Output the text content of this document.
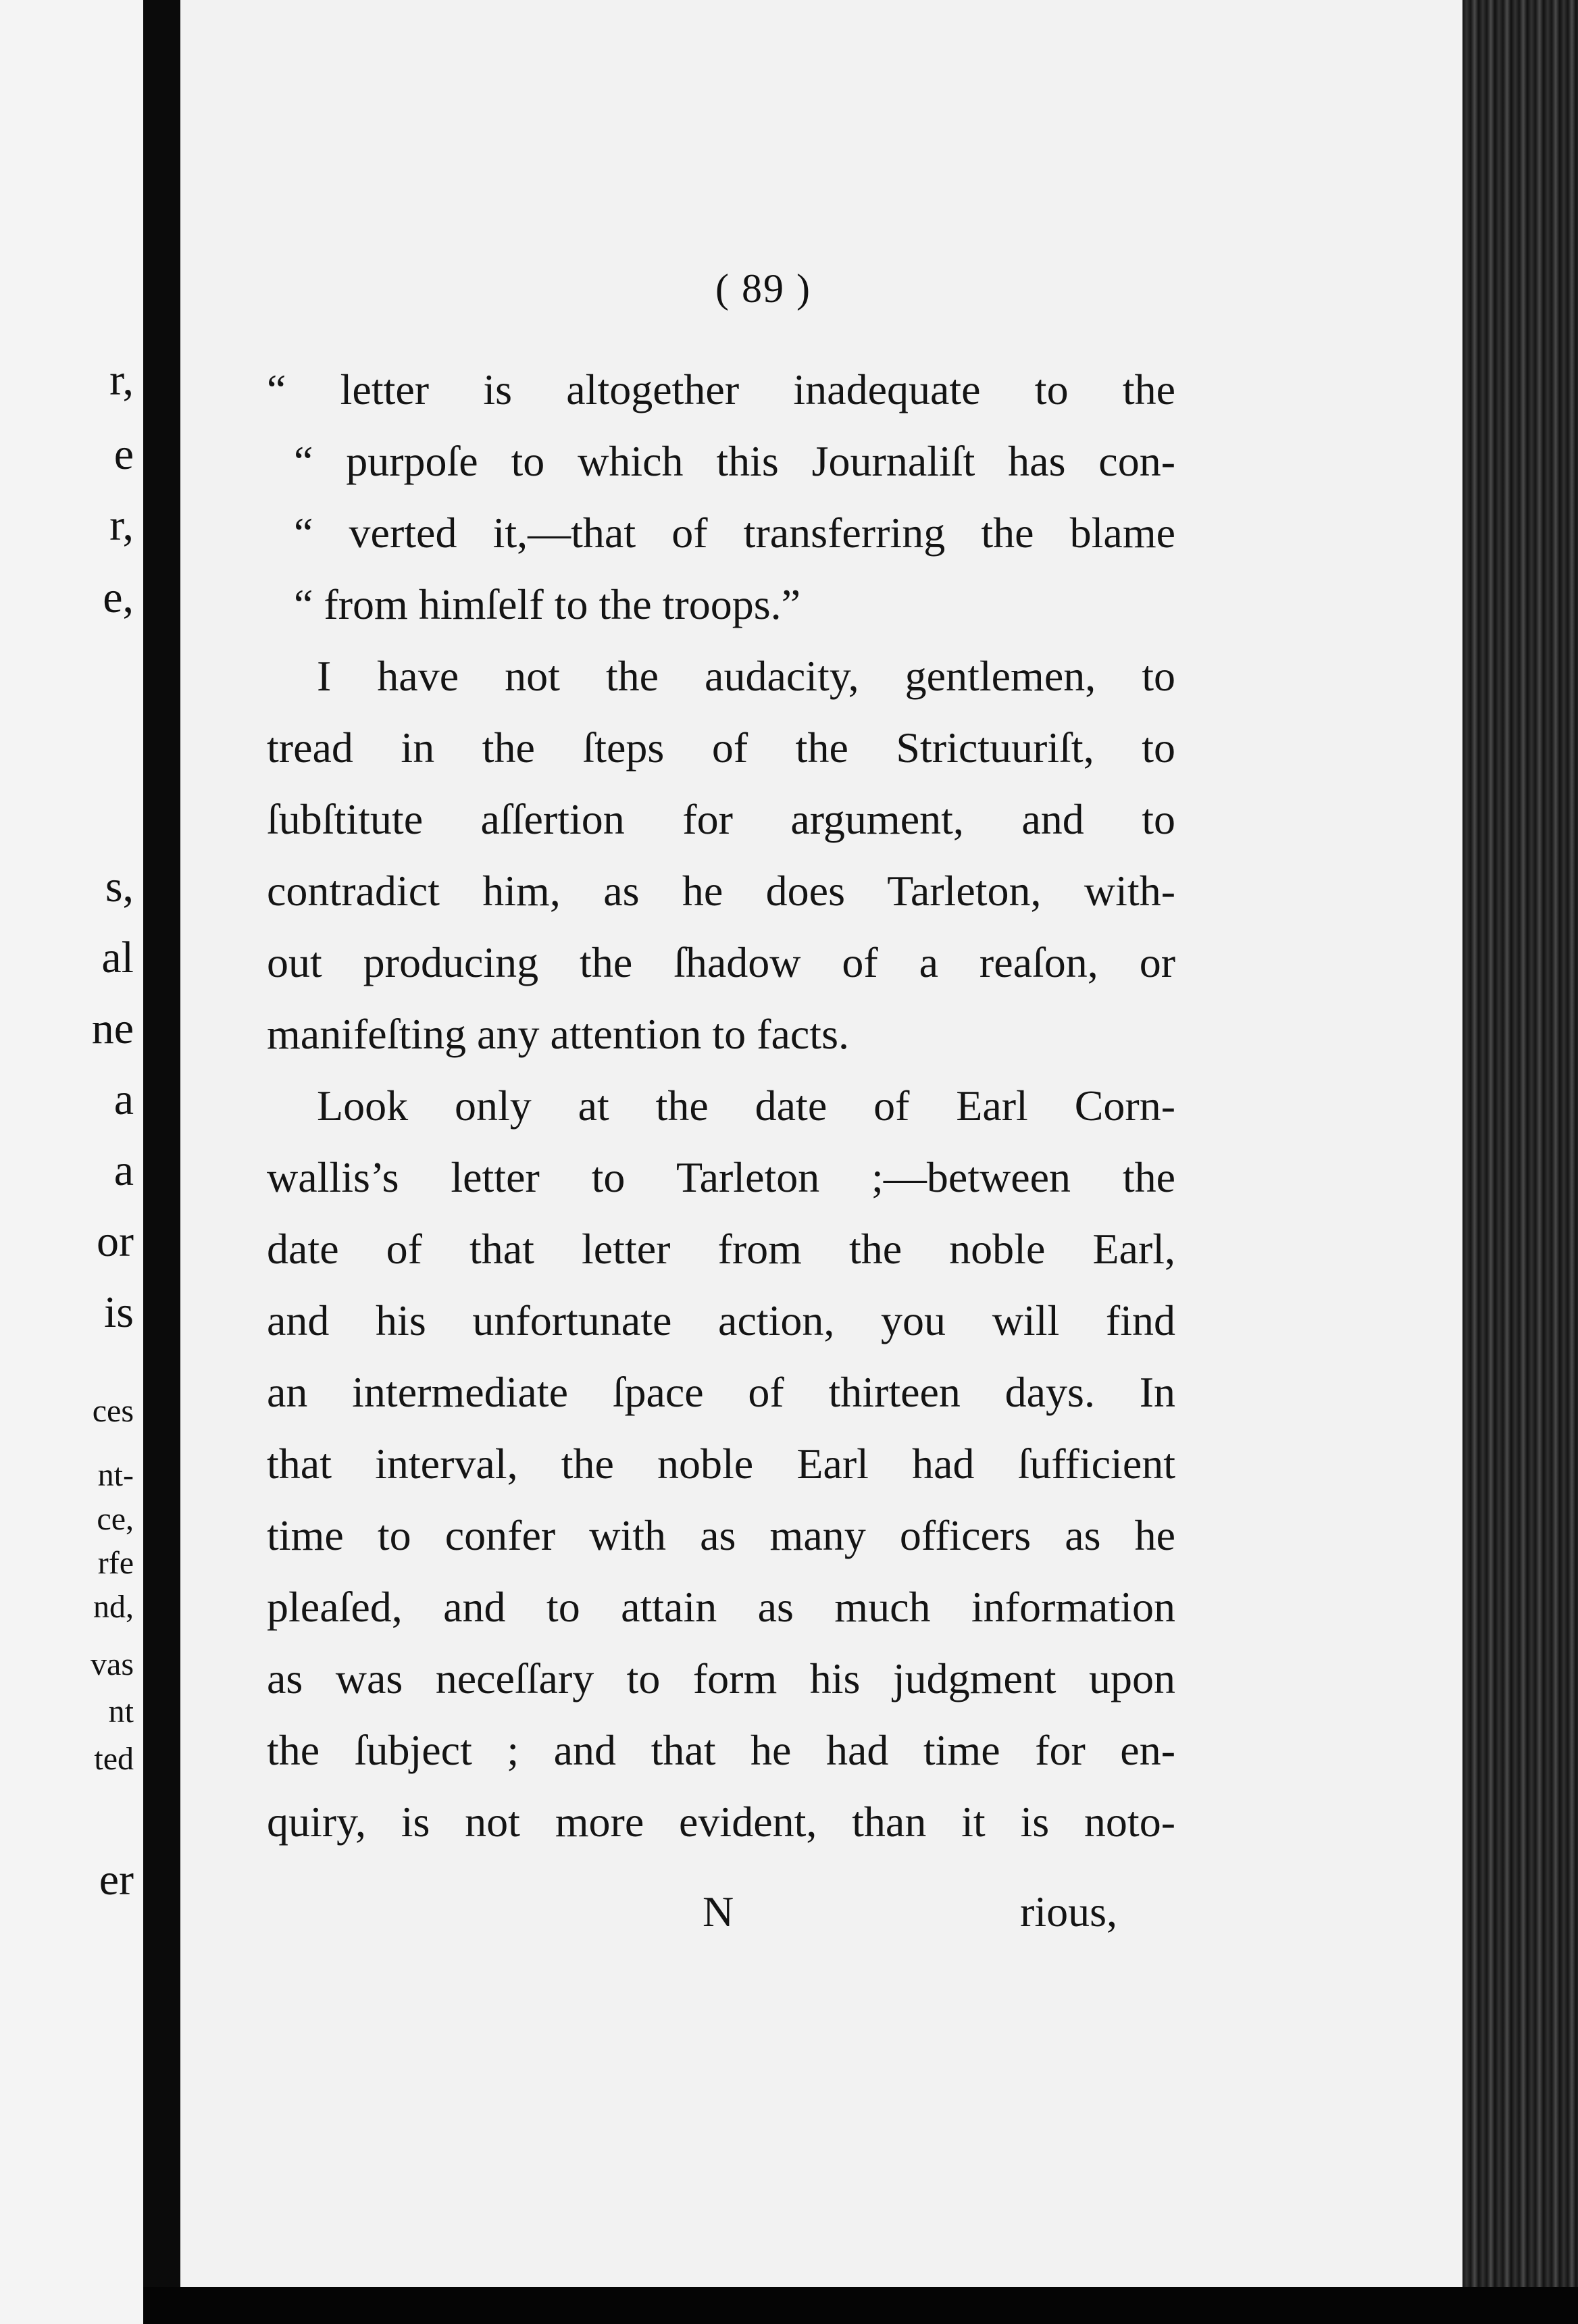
r,
e
r,
e,
s,
al
ne
a
a
or
is
ces
nt-
ce,
rfe
nd,
vas
nt
ted
er
( 89 )
“ letter is altogether inadequate to the
“ purpoſe to which this Journaliſt has con-
“ verted it,—that of transferring the blame
“ from himſelf to the troops.”
I have not the audacity, gentlemen, to
tread in the ſteps of the Strictuuriſt, to
ſubſtitute aſſertion for argument, and to
contradict him, as he does Tarleton, with-
out producing the ſhadow of a reaſon, or
manifeſting any attention to facts.
Look only at the date of Earl Corn-
wallis’s letter to Tarleton ;—between the
date of that letter from the noble Earl,
and his unfortunate action, you will find
an intermediate ſpace of thirteen days. In
that interval, the noble Earl had ſufficient
time to confer with as many officers as he
pleaſed, and to attain as much information
as was neceſſary to form his judgment upon
the ſubject ; and that he had time for en-
quiry, is not more evident, than it is noto-
N	rious,
